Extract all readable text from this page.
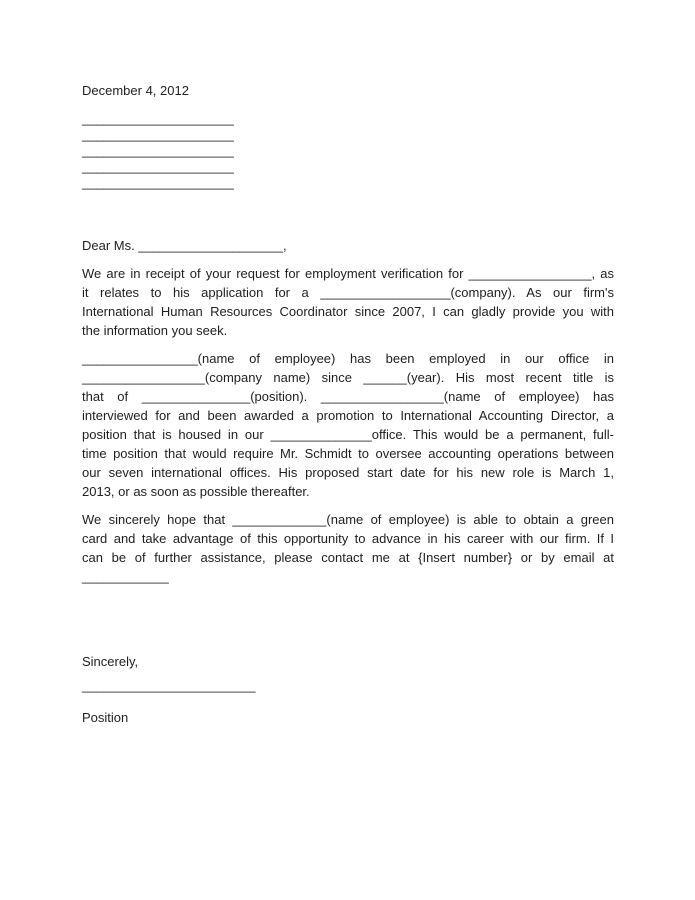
December 4, 2012
_____________________
_____________________
_____________________
_____________________
_____________________
Dear Ms. ____________________,
We are in receipt of your request for employment verification for _________________, as
it relates to his application for a __________________(company). As our firm's
International Human Resources Coordinator since 2007, I can gladly provide you with
the information you seek.
________________(name of employee) has been employed in our office in
_________________(company name) since ______(year). His most recent title is
that of _______________(position). _________________(name of employee) has
interviewed for and been awarded a promotion to International Accounting Director, a
position that is housed in our ______________office. This would be a permanent, full-
time position that would require Mr. Schmidt to oversee accounting operations between
our seven international offices. His proposed start date for his new role is March 1,
2013, or as soon as possible thereafter.
We sincerely hope that _____________(name of employee) is able to obtain a green
card and take advantage of this opportunity to advance in his career with our firm. If I
can be of further assistance, please contact me at {Insert number} or by email at
____________
Sincerely,
________________________
Position
